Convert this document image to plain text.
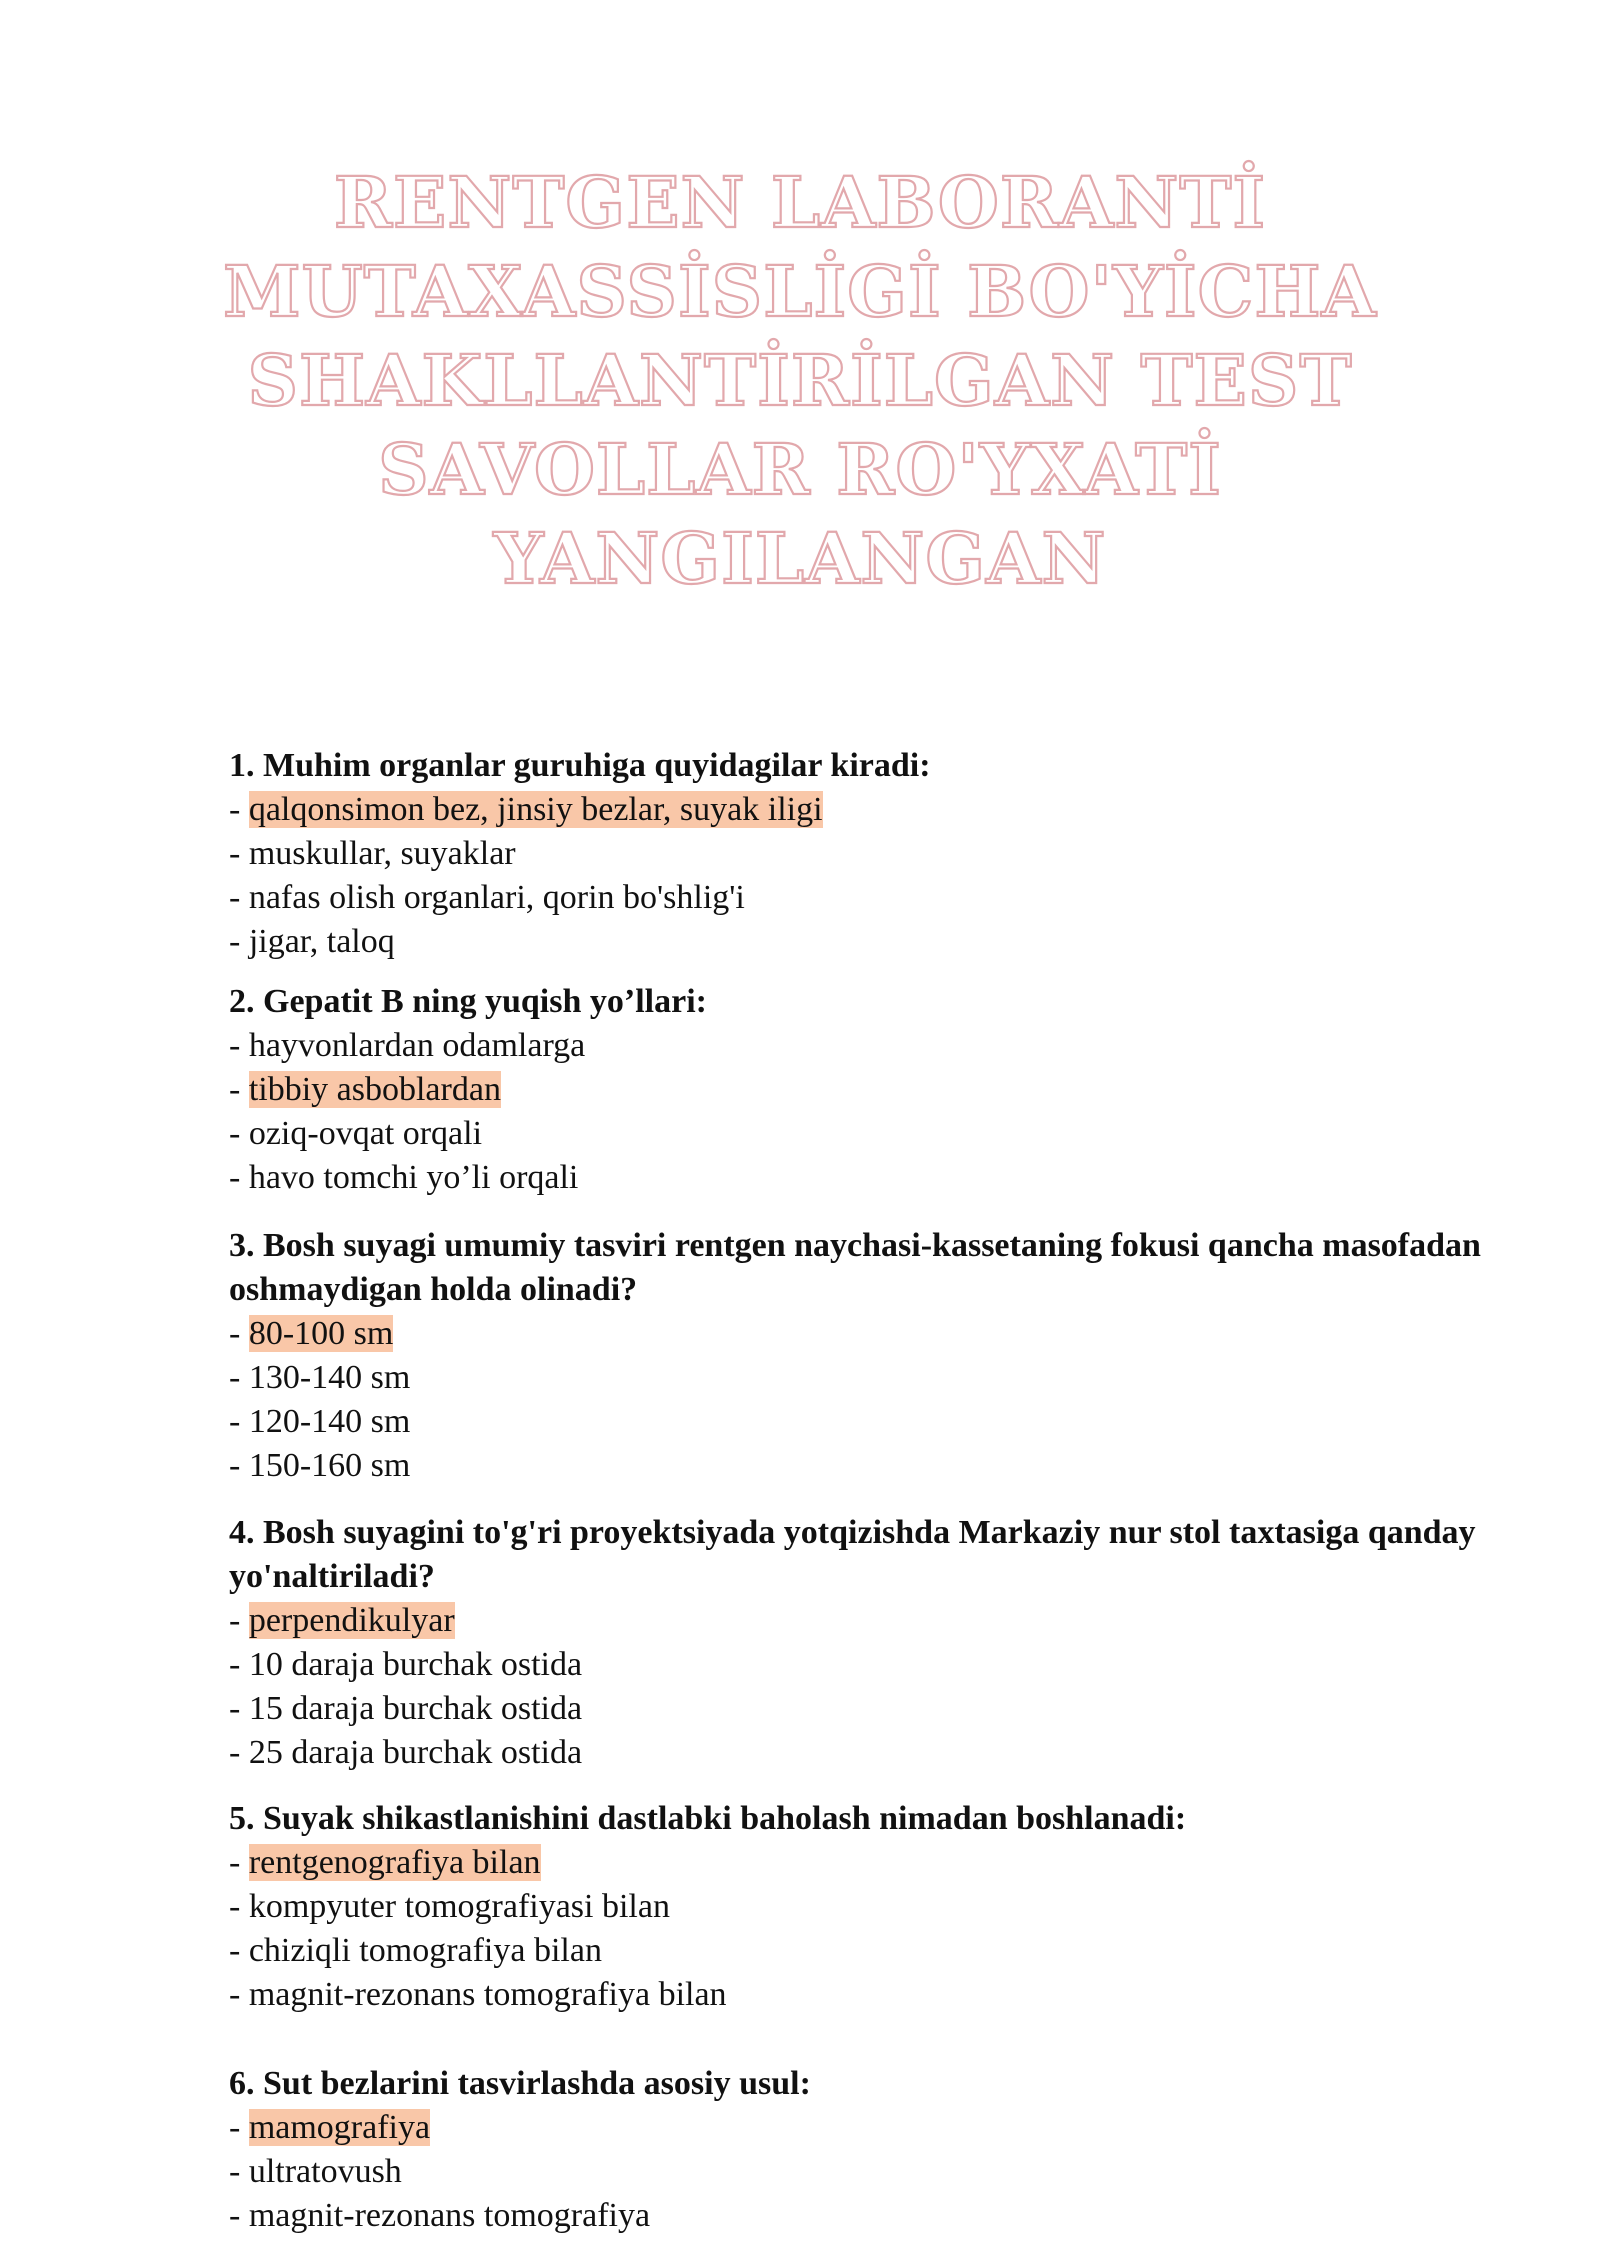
RENTGEN LABORANTİ
MUTAXASSİSLİGİ BO'YİCHA
SHAKLLANTİRİLGAN TEST
SAVOLLAR RO'YXATİ
YANGILANGAN

1. Muhim organlar guruhiga quyidagilar kiradi:

- qalqonsimon bez, jinsiy bezlar, suyak iligi

- muskullar, suyaklar

- nafas olish organlari, qorin bo'shlig'i

- jigar, taloq

2. Gepatit B ning yuqish yo’llari:

- hayvonlardan odamlarga

- tibbiy asboblardan

- oziq-ovqat orqali

- havo tomchi yo’li orqali

3. Bosh suyagi umumiy tasviri rentgen naychasi-kassetaning fokusi qancha masofadan oshmaydigan holda olinadi?

- 80-100 sm

- 130-140 sm

- 120-140 sm

- 150-160 sm

4. Bosh suyagini to'g'ri proyektsiyada yotqizishda Markaziy nur stol taxtasiga qanday yo'naltiriladi?

- perpendikulyar

- 10 daraja burchak ostida

- 15 daraja burchak ostida

- 25 daraja burchak ostida

5. Suyak shikastlanishini dastlabki baholash nimadan boshlanadi:

- rentgenografiya bilan

- kompyuter tomografiyasi bilan

- chiziqli tomografiya bilan

- magnit-rezonans tomografiya bilan

6. Sut bezlarini tasvirlashda asosiy usul:

- mamografiya

- ultratovush

- magnit-rezonans tomografiya
